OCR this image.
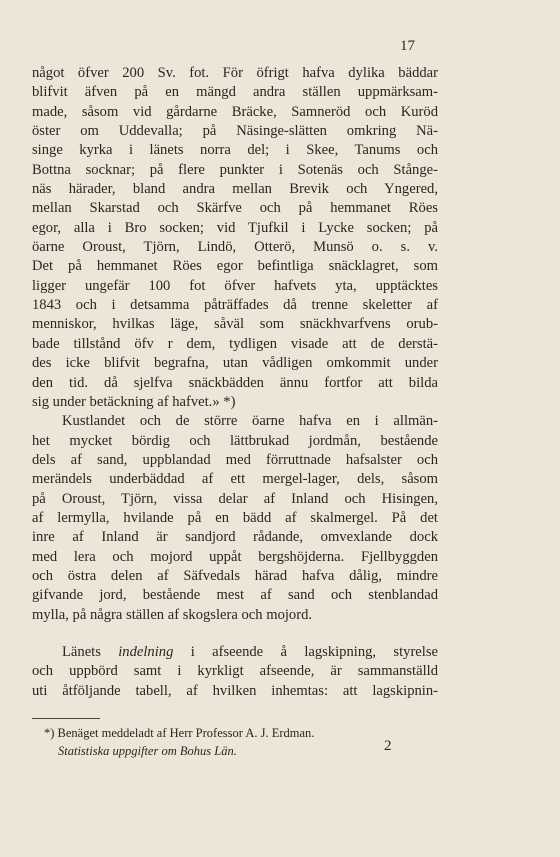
17
något öfver 200 Sv. fot. För öfrigt hafva dylika bäddar
blifvit äfven på en mängd andra ställen uppmärksam-
made, såsom vid gårdarne Bräcke, Samneröd och Kuröd
öster om Uddevalla; på Näsinge-slätten omkring Nä-
singe kyrka i länets norra del; i Skee, Tanums och
Bottna socknar; på flere punkter i Sotenäs och Stånge-
näs härader, bland andra mellan Brevik och Yngered,
mellan Skarstad och Skärfve och på hemmanet Röes
egor, alla i Bro socken; vid Tjufkil i Lycke socken; på
öarne Oroust, Tjörn, Lindö, Otterö, Munsö o. s. v.
Det på hemmanet Röes egor befintliga snäcklagret, som
ligger ungefär 100 fot öfver hafvets yta, upptäcktes
1843 och i detsamma påträffades då trenne skeletter af
menniskor, hvilkas läge, såväl som snäckhvarfvens orub-
bade tillstånd öfv r dem, tydligen visade att de derstä-
des icke blifvit begrafna, utan vådligen omkommit under
den tid. då sjelfva snäckbädden ännu fortfor att bilda
sig under betäckning af hafvet.» *)
Kustlandet och de större öarne hafva en i allmän-
het mycket bördig och lättbrukad jordmån, bestående
dels af sand, uppblandad med förruttnade hafsalster och
merändels underbäddad af ett mergel-lager, dels, såsom
på Oroust, Tjörn, vissa delar af Inland och Hisingen,
af lermylla, hvilande på en bädd af skalmergel. På det
inre af Inland är sandjord rådande, omvexlande dock
med lera och mojord uppåt bergshöjderna. Fjellbyggden
och östra delen af Säfvedals härad hafva dålig, mindre
gifvande jord, bestående mest af sand och stenblandad
mylla, på några ställen af skogslera och mojord.
Länets indelning i afseende å lagskipning, styrelse
och uppbörd samt i kyrkligt afseende, är sammanställd
uti åtföljande tabell, af hvilken inhemtas: att lagskipnin-
*) Benäget meddeladt af Herr Professor A. J. Erdman.
Statistiska uppgifter om Bohus Län.	2
